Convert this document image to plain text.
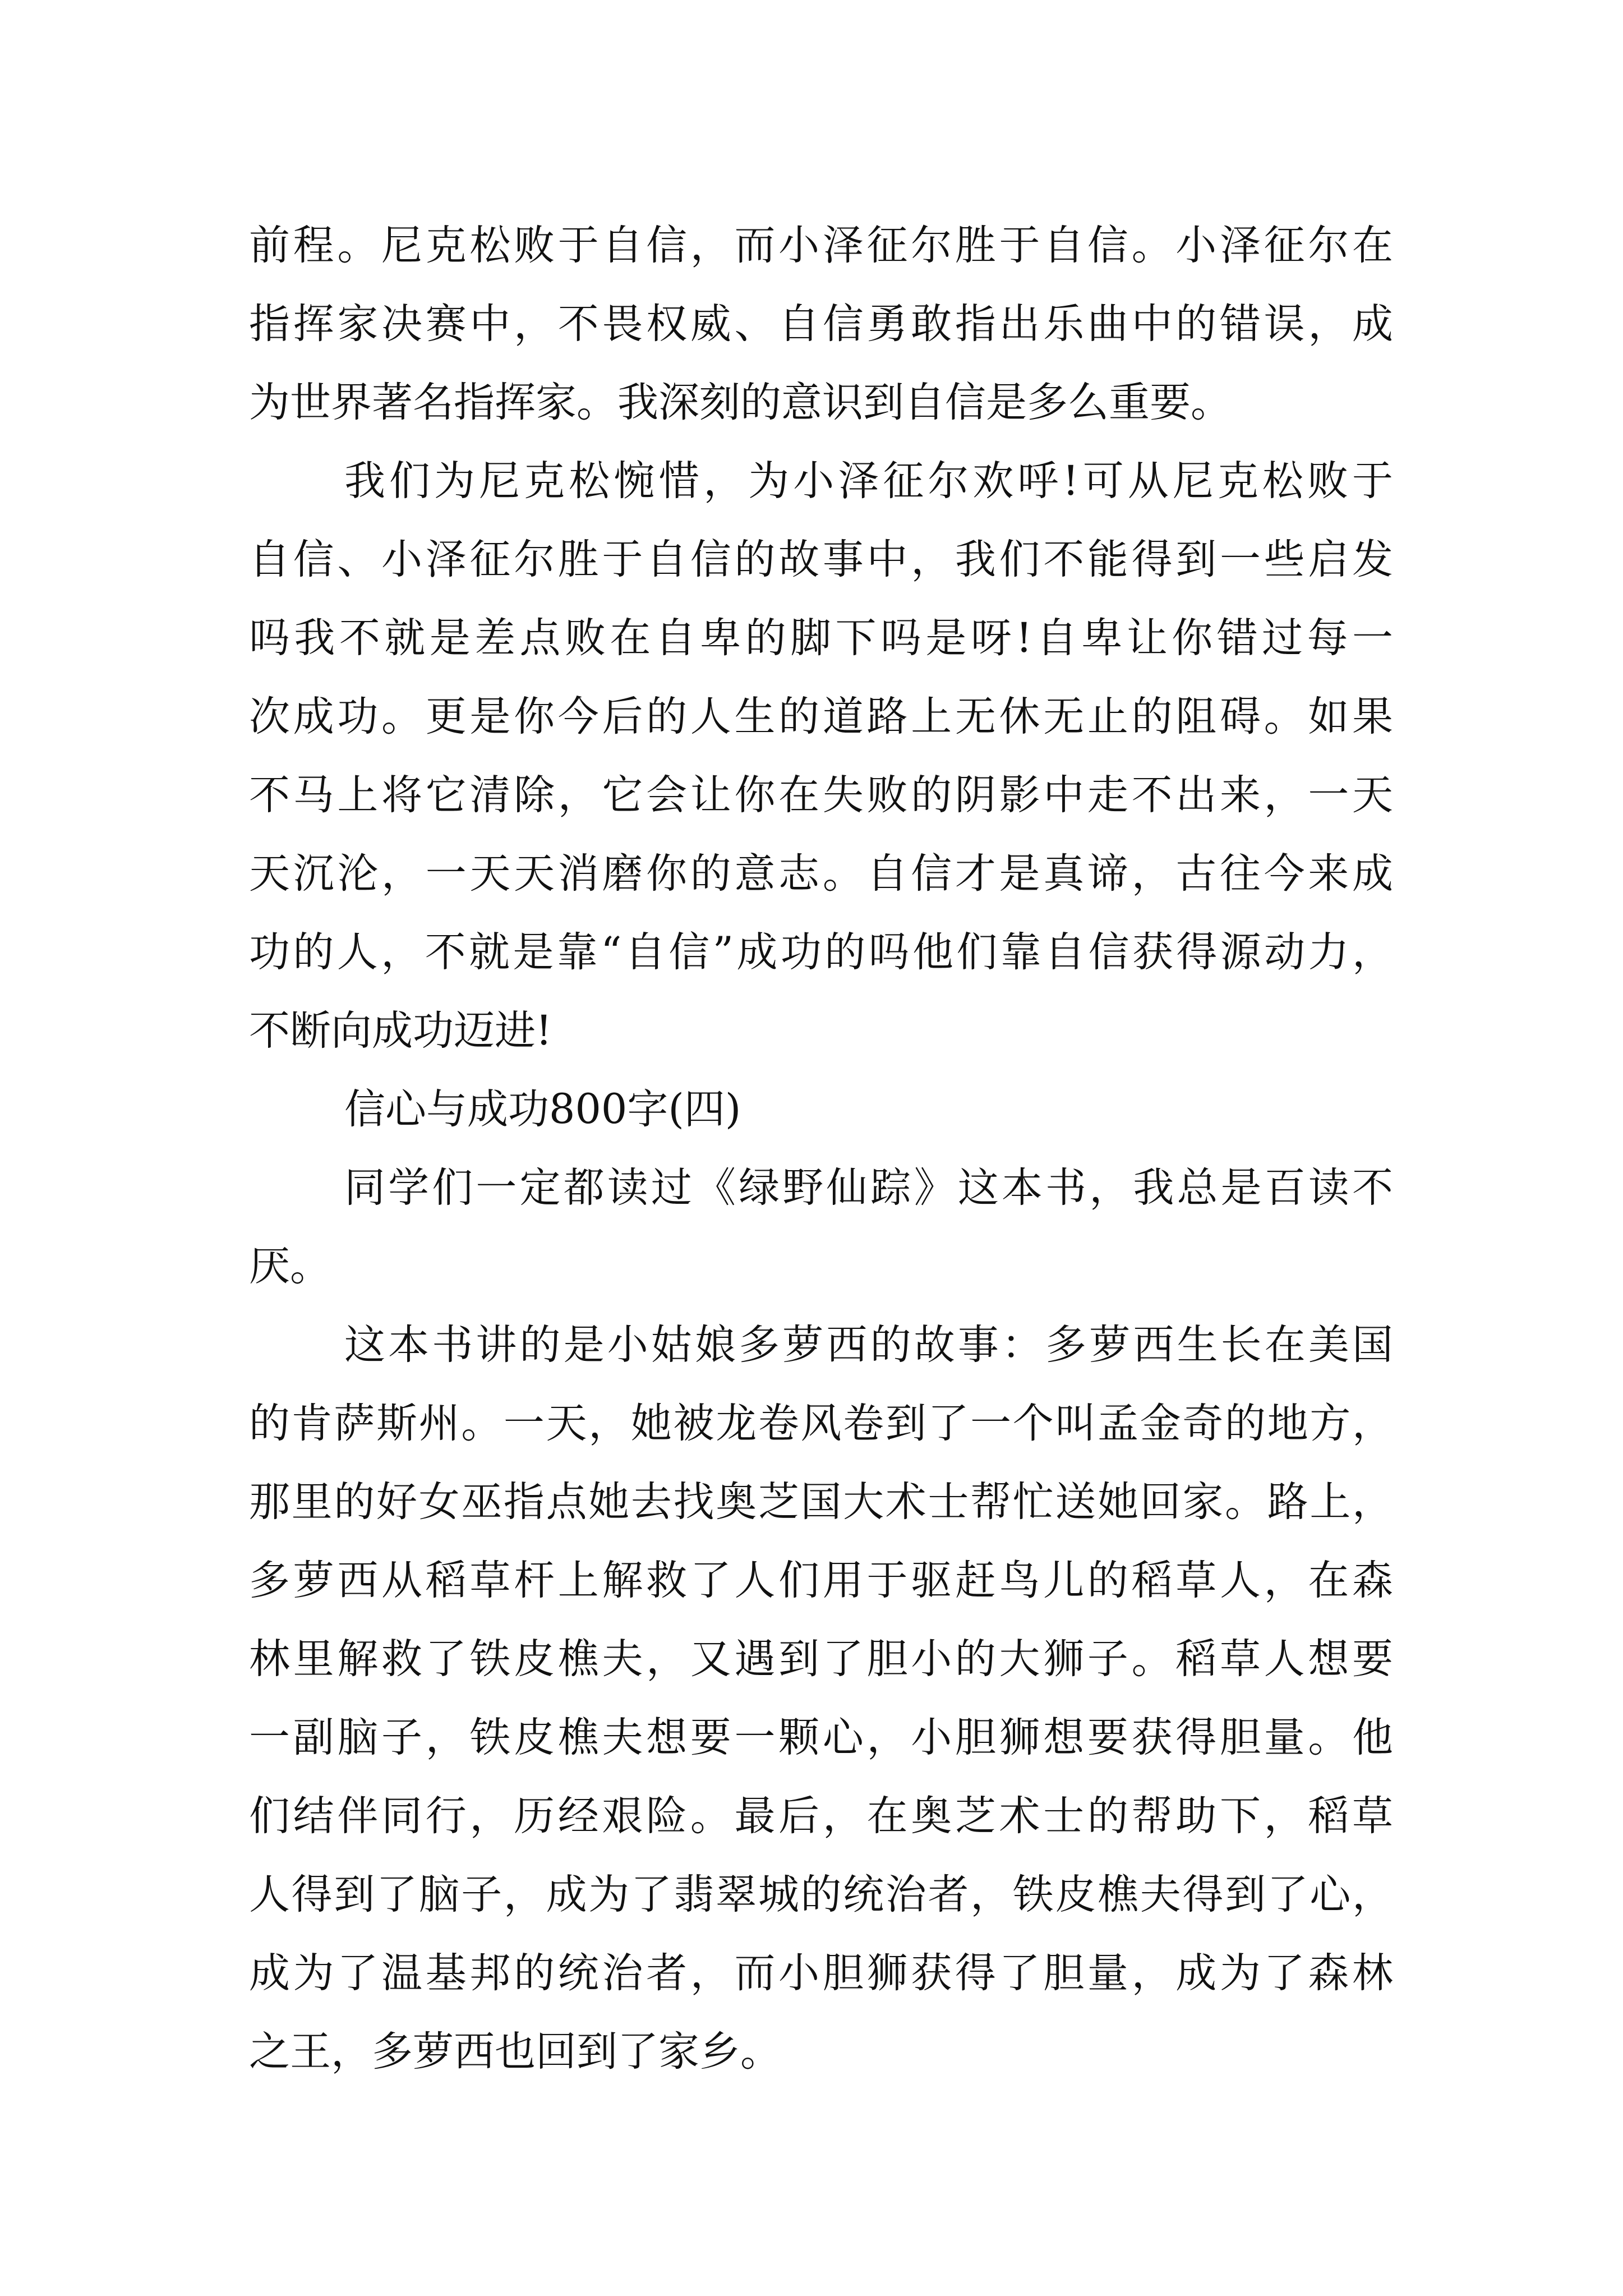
前程。尼克松败于自信，而小泽征尔胜于自信。小泽征尔在
指挥家决赛中，不畏权威、自信勇敢指出乐曲中的错误，成
为世界著名指挥家。我深刻的意识到自信是多么重要。
我们为尼克松惋惜，为小泽征尔欢呼!可从尼克松败于
自信、小泽征尔胜于自信的故事中，我们不能得到一些启发
吗我不就是差点败在自卑的脚下吗是呀!自卑让你错过每一
次成功。更是你今后的人生的道路上无休无止的阻碍。如果
不马上将它清除，它会让你在失败的阴影中走不出来，一天
天沉沦，一天天消磨你的意志。自信才是真谛，古往今来成
功的人，不就是靠“自信”成功的吗他们靠自信获得源动力，
不断向成功迈进!
信心与成功800字(四)
同学们一定都读过《绿野仙踪》这本书，我总是百读不
厌。
这本书讲的是小姑娘多萝西的故事：多萝西生长在美国
的肯萨斯州。一天，她被龙卷风卷到了一个叫孟金奇的地方，
那里的好女巫指点她去找奥芝国大术士帮忙送她回家。路上，
多萝西从稻草杆上解救了人们用于驱赶鸟儿的稻草人，在森
林里解救了铁皮樵夫，又遇到了胆小的大狮子。稻草人想要
一副脑子，铁皮樵夫想要一颗心，小胆狮想要获得胆量。他
们结伴同行，历经艰险。最后，在奥芝术士的帮助下，稻草
人得到了脑子，成为了翡翠城的统治者，铁皮樵夫得到了心，
成为了温基邦的统治者，而小胆狮获得了胆量，成为了森林
之王，多萝西也回到了家乡。
